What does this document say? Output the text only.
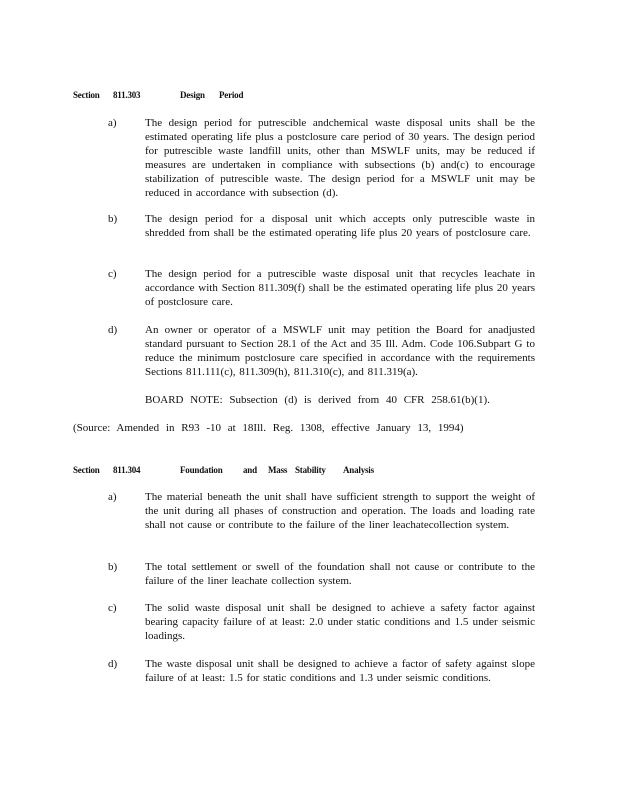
Section 811.303	Design Period
a)	The design period for putrescible andchemical waste disposal units shall be the estimated operating life plus a postclosure care period of 30 years. The design period for putrescible waste landfill units, other than MSWLF units, may be reduced if measures are undertaken in compliance with subsections (b) and(c) to encourage stabilization of putrescible waste. The design period for a MSWLF unit may be reduced in accordance with subsection (d).
b)	The design period for a disposal unit which accepts only putrescible waste in shredded from shall be the estimated operating life plus 20 years of postclosure care.
c)	The design period for a putrescible waste disposal unit that recycles leachate in accordance with Section 811.309(f) shall be the estimated operating life plus 20 years of postclosure care.
d)	An owner or operator of a MSWLF unit may petition the Board for anadjusted standard pursuant to Section 28.1 of the Act and 35 Ill. Adm. Code 106.Subpart G to reduce the minimum postclosure care specified in accordance with the requirements Sections 811.111(c), 811.309(h), 811.310(c), and 811.319(a).
BOARD NOTE: Subsection (d) is derived from 40 CFR 258.61(b)(1).
(Source: Amended in R93 -10 at 18Ill. Reg. 1308, effective January 13, 1994)
Section 811.304	Foundation and Mass Stability Analysis
a)	The material beneath the unit shall have sufficient strength to support the weight of the unit during all phases of construction and operation. The loads and loading rate shall not cause or contribute to the failure of the liner leachatecollection system.
b)	The total settlement or swell of the foundation shall not cause or contribute to the failure of the liner leachate collection system.
c)	The solid waste disposal unit shall be designed to achieve a safety factor against bearing capacity failure of at least: 2.0 under static conditions and 1.5 under seismic loadings.
d)	The waste disposal unit shall be designed to achieve a factor of safety against slope failure of at least: 1.5 for static conditions and 1.3 under seismic conditions.
